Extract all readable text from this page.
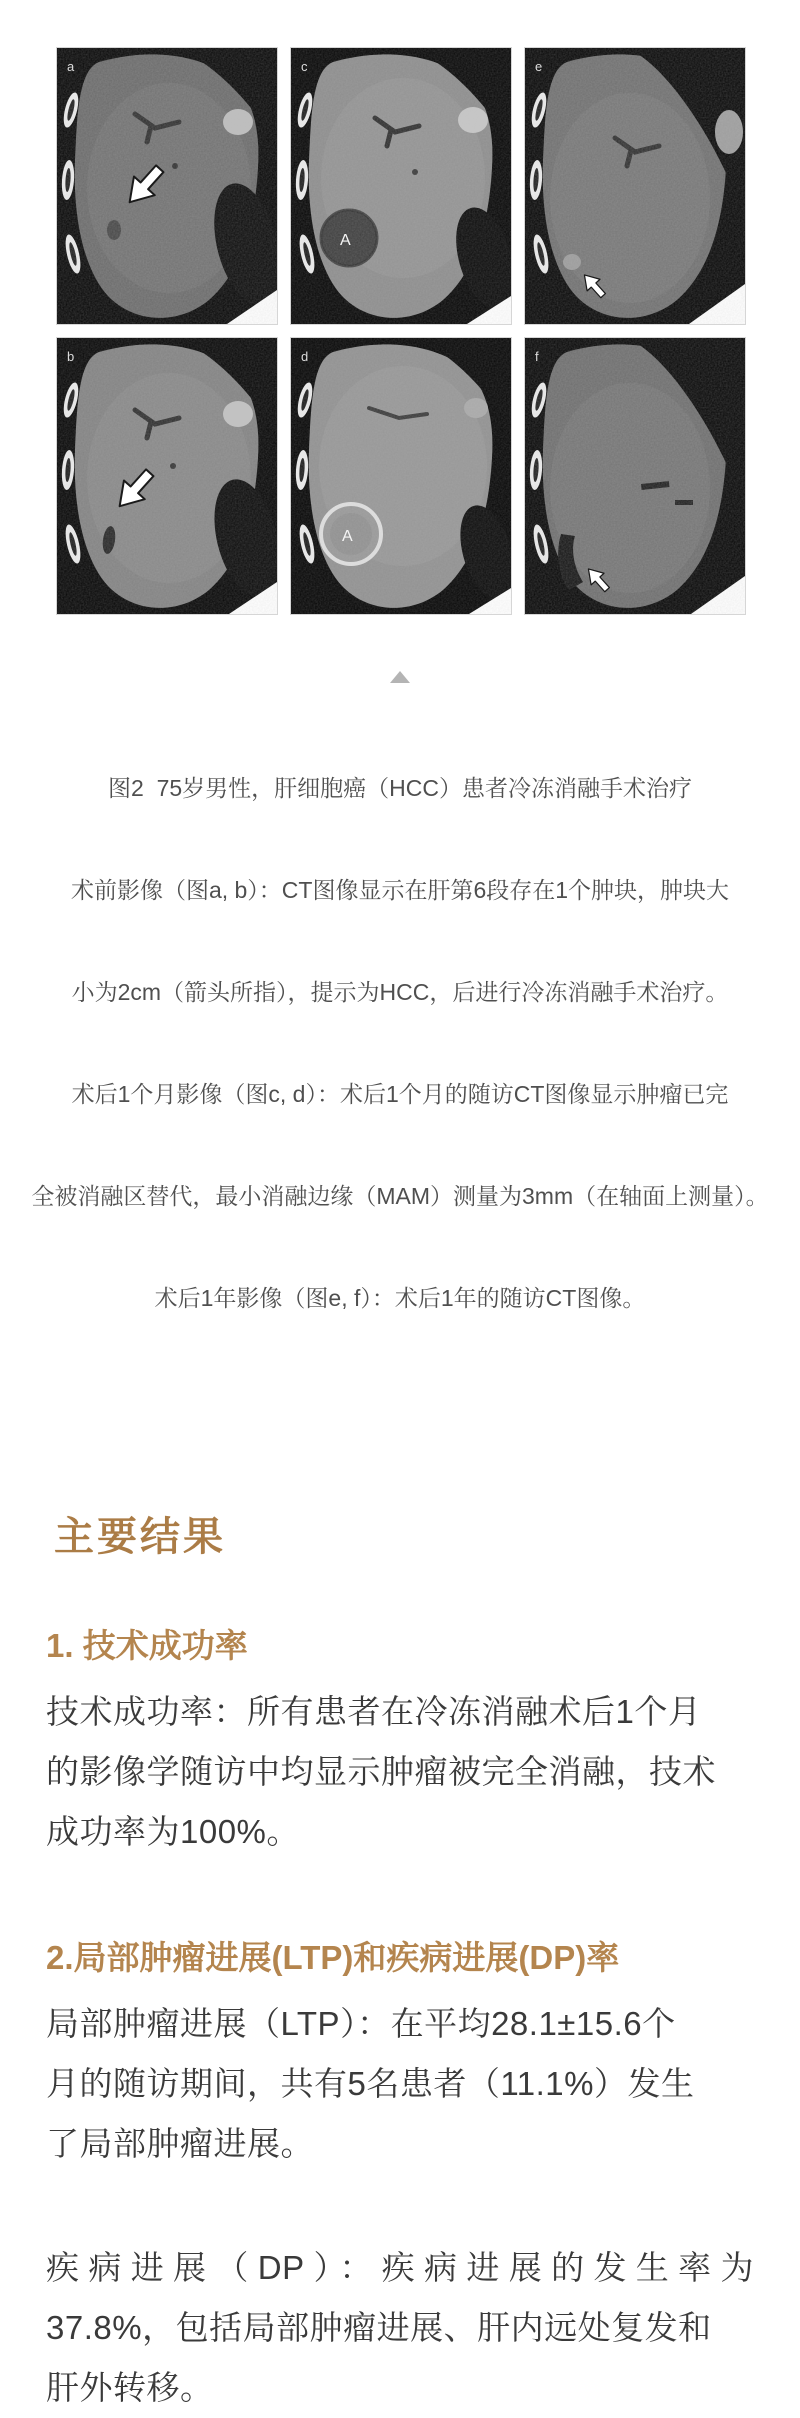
a
A
c	e
b
A
d	f

图2  75岁男性，肝细胞癌（HCC）患者冷冻消融手术治疗

术前影像（图a, b）：CT图像显示在肝第6段存在1个肿块，肿块大

小为2cm（箭头所指），提示为HCC，后进行冷冻消融手术治疗。

术后1个月影像（图c, d）：术后1个月的随访CT图像显示肿瘤已完

全被消融区替代，最小消融边缘（MAM）测量为3mm（在轴面上测量）。

术后1年影像（图e, f）：术后1年的随访CT图像。

主要结果
1. 技术成功率
技术成功率：所有患者在冷冻消融术后1个月
的影像学随访中均显示肿瘤被完全消融，技术
成功率为100%。
2.局部肿瘤进展(LTP)和疾病进展(DP)率
局部肿瘤进展（LTP）：在平均28.1±15.6个
月的随访期间，共有5名患者（11.1%）发生
了局部肿瘤进展。
疾病进展（DP）：疾病进展的发生率为
37.8%，包括局部肿瘤进展、肝内远处复发和
肝外转移。
